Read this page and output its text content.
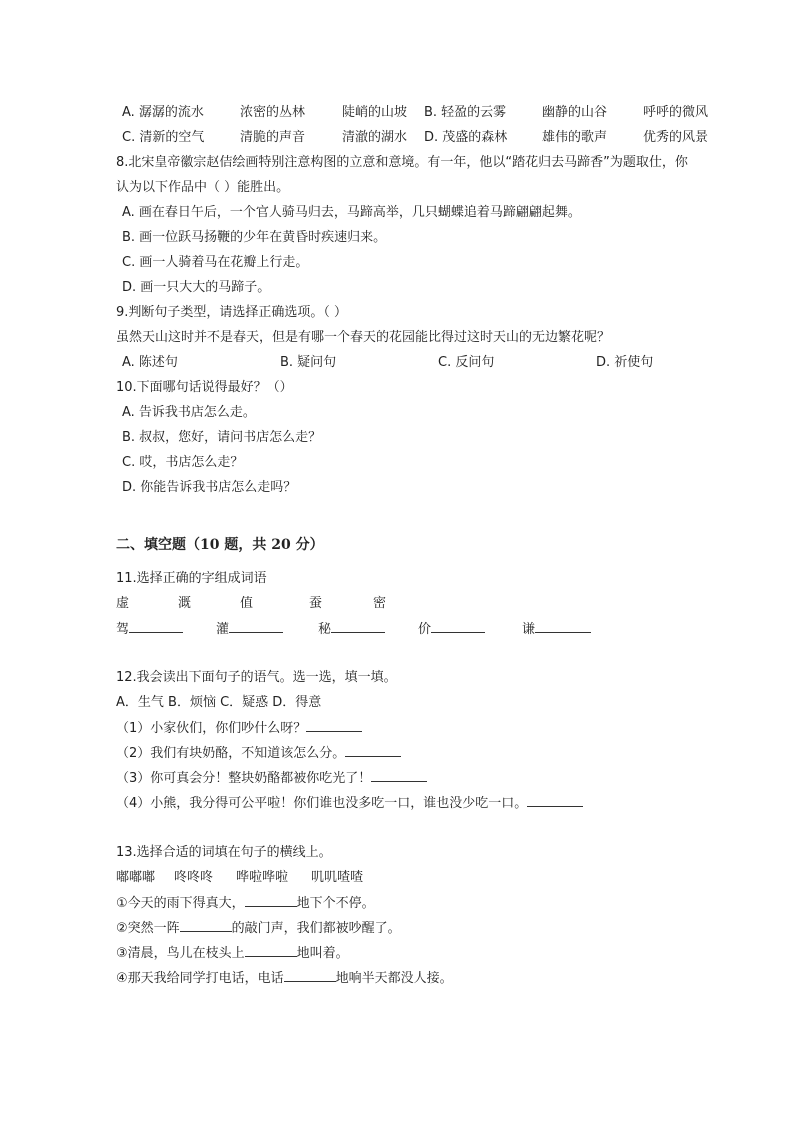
A. 潺潺的流水	浓密的丛林	陡峭的山坡 B. 轻盈的云雾	幽静的山谷	呼呼的微风
C. 清新的空气	清脆的声音	清澈的湖水 D. 茂盛的森林	雄伟的歌声	优秀的风景
8.北宋皇帝徽宗赵佶绘画特别注意构图的立意和意境。有一年，他以“踏花归去马蹄香”为题取仕，你
认为以下作品中（ ）能胜出。
A. 画在春日午后，一个官人骑马归去，马蹄高举，几只蝴蝶追着马蹄翩翩起舞。
B. 画一位跃马扬鞭的少年在黄昏时疾速归来。
C. 画一人骑着马在花瓣上行走。
D. 画一只大大的马蹄子。
9.判断句子类型，请选择正确选项。（ ）
虽然天山这时并不是春天，但是有哪一个春天的花园能比得过这时天山的无边繁花呢？
A. 陈述句	B. 疑问句	C. 反问句	D. 祈使句
10.下面哪句话说得最好？（）
A. 告诉我书店怎么走。
B. 叔叔，您好，请问书店怎么走？
C. 哎，书店怎么走？
D. 你能告诉我书店怎么走吗？
二、填空题（10 题，共 20 分）
11.选择正确的字组成词语
虚	溉	值	蚕	密
驾	灌	秘	价	谦
12.我会读出下面句子的语气。选一选，填一填。
A．生气 B．烦恼 C．疑惑 D．得意
（1）小家伙们，你们吵什么呀？
（2）我们有块奶酪，不知道该怎么分。
（3）你可真会分！整块奶酪都被你吃光了！
（4）小熊，我分得可公平啦！你们谁也没多吃一口，谁也没少吃一口。
13.选择合适的词填在句子的横线上。
嘟嘟嘟 咚咚咚 哗啦哗啦 叽叽喳喳
①今天的雨下得真大，	地下个不停。
②突然一阵	的敲门声，我们都被吵醒了。
③清晨，鸟儿在枝头上	地叫着。
④那天我给同学打电话，电话	地响半天都没人接。
